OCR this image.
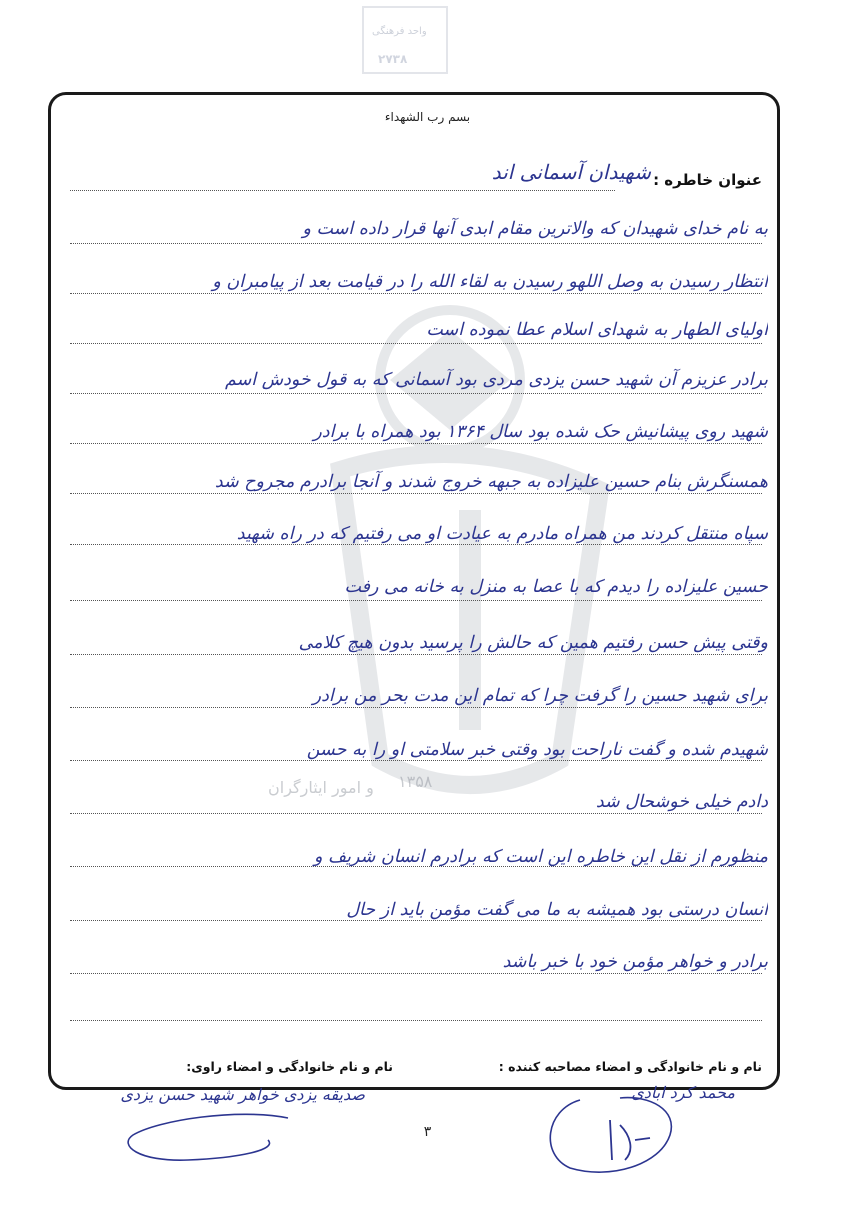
واحد فرهنگی
۲۷۳۸
بسم رب الشهداء
۱۳۵۸
و امور ایثارگران
عنوان خاطره :
شهیدان آسمانی اند
به نام خدای شهیدان که والاترین مقام ابدی آنها قرار داده است و
انتظار رسیدن به وصل اللهو رسیدن به لقاء الله را در قیامت بعد از پیامبران و
اولیای الطهار به شهدای اسلام عطا نموده است
برادر عزیزم آن شهید حسن یزدی مردی بود آسمانی که به قول خودش اسم
شهید روی پیشانیش حک شده بود سال ۱۳۶۴ بود همراه با برادر
همسنگرش بنام حسین علیزاده به جبهه خروج شدند و آنجا برادرم مجروح شد
سپاه منتقل کردند من همراه مادرم به عیادت او می رفتیم که در راه شهید
حسین علیزاده را دیدم که با عصا به منزل به خانه می رفت
وقتی پیش حسن رفتیم همین که حالش را پرسید بدون هیچ کلامی
برای شهید حسین را گرفت چرا که تمام این مدت بحر من برادر
شهیدم شده و گفت ناراحت بود وقتی خبر سلامتی او را به حسن
دادم خیلی خوشحال شد
منظورم از نقل این خاطره این است که برادرم انسان شریف و
انسان درستی بود همیشه به ما می گفت مؤمن باید از حال
برادر و خواهر مؤمن خود با خبر باشد
نام و نام خانوادگی و امضاء مصاحبه کننده :
نام و نام خانوادگی و امضاء راوی:
محمد کرد ابادی
صدیقه یزدی خواهر شهید حسن یزدی
۳
